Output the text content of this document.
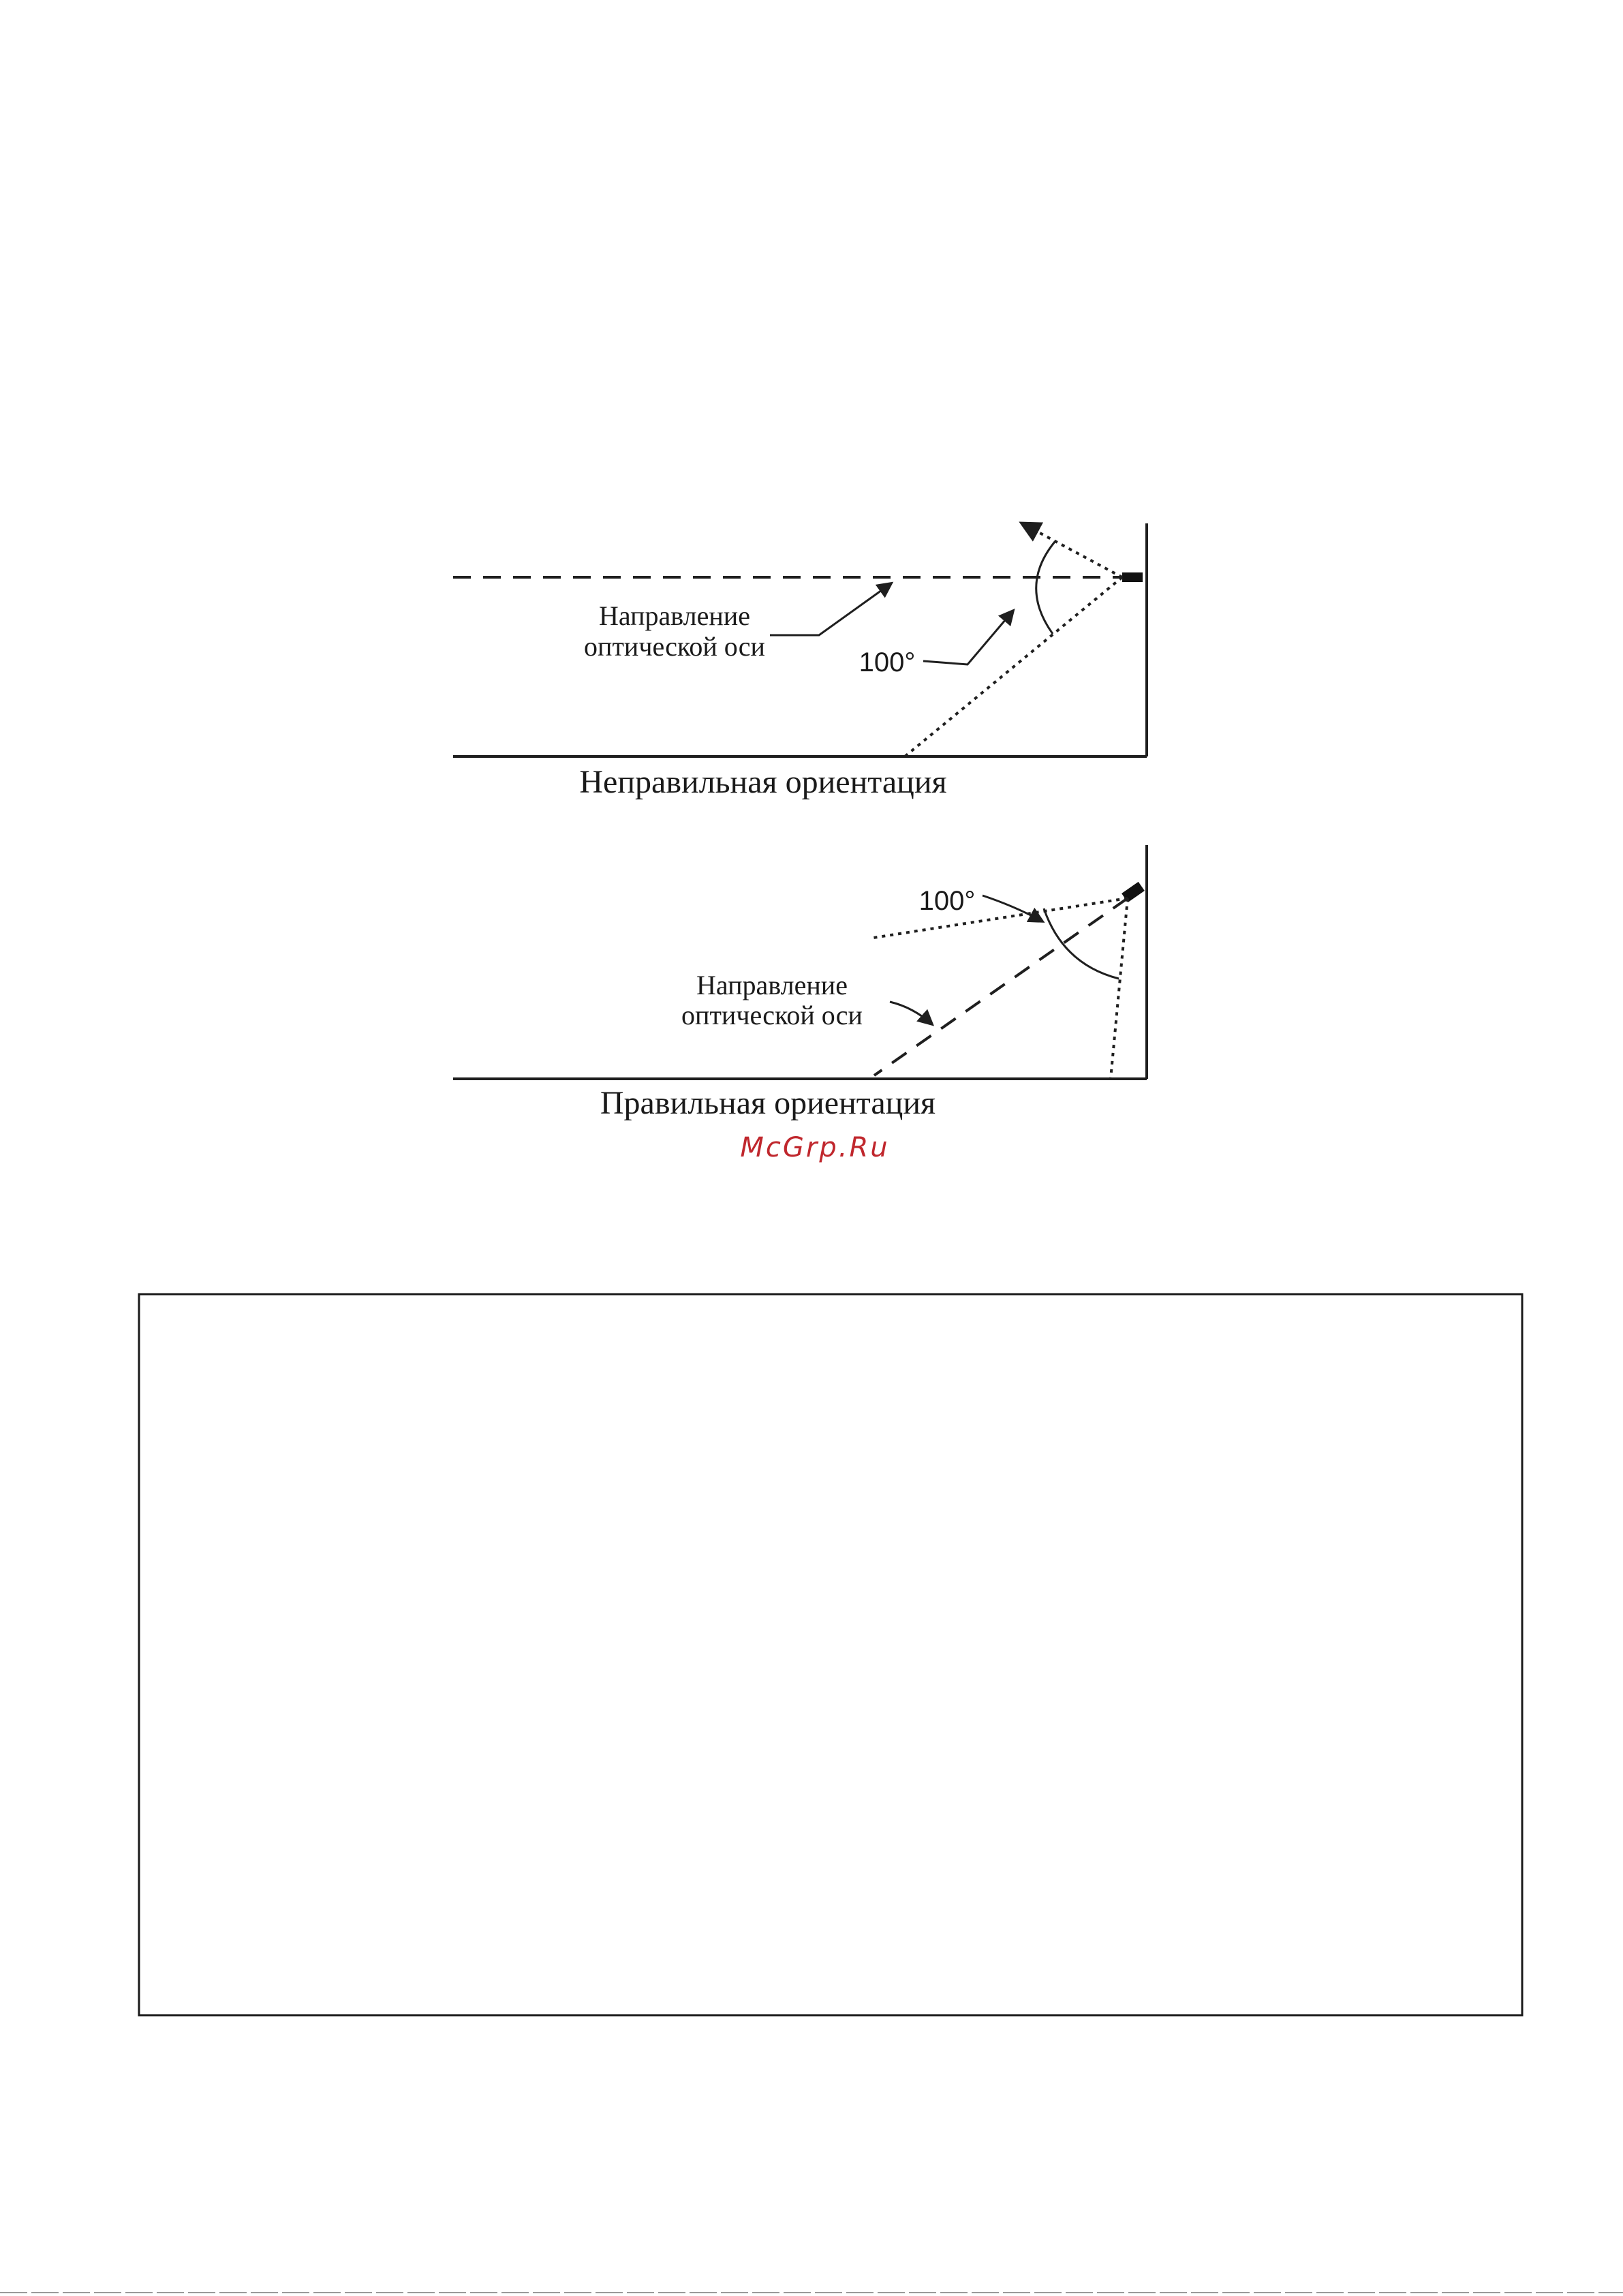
Направление
оптической оси
100°
Неправильная ориентация
100°
Направление
оптической оси
Правильная ориентация
McGrp.Ru
